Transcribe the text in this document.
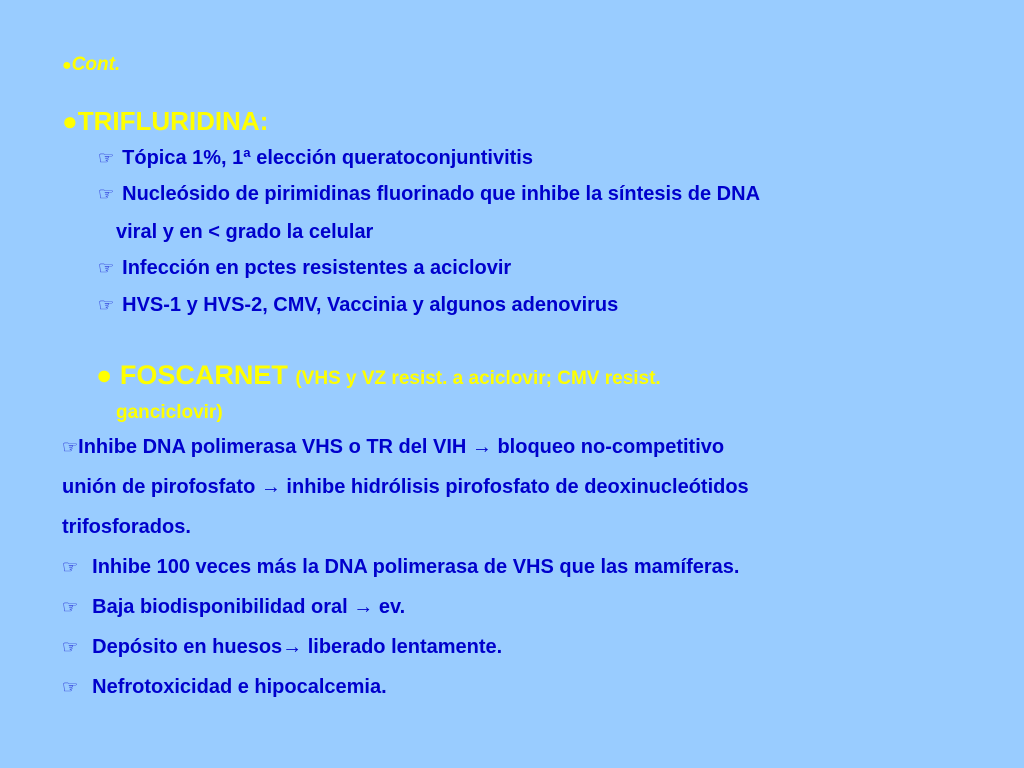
●Cont.
●TRIFLURIDINA:
☞ Tópica 1%, 1ª elección queratoconjuntivitis
☞ Nucleósido de pirimidinas fluorinado que inhibe la síntesis de DNA
viral y en < grado la celular
☞ Infección en pctes resistentes a aciclovir
☞ HVS-1 y HVS-2, CMV, Vaccinia y algunos adenovirus
● FOSCARNET (VHS y VZ resist. a aciclovir; CMV resist.
ganciclovir)
☞Inhibe DNA polimerasa VHS o TR del VIH → bloqueo no-competitivo
unión de pirofosfato → inhibe hidrólisis pirofosfato de deoxinucleótidos
trifosforados.
☞ Inhibe 100 veces más la DNA polimerasa de VHS que las mamíferas.
☞ Baja biodisponibilidad oral → ev.
☞ Depósito en huesos→ liberado lentamente.
☞ Nefrotoxicidad e hipocalcemia.
